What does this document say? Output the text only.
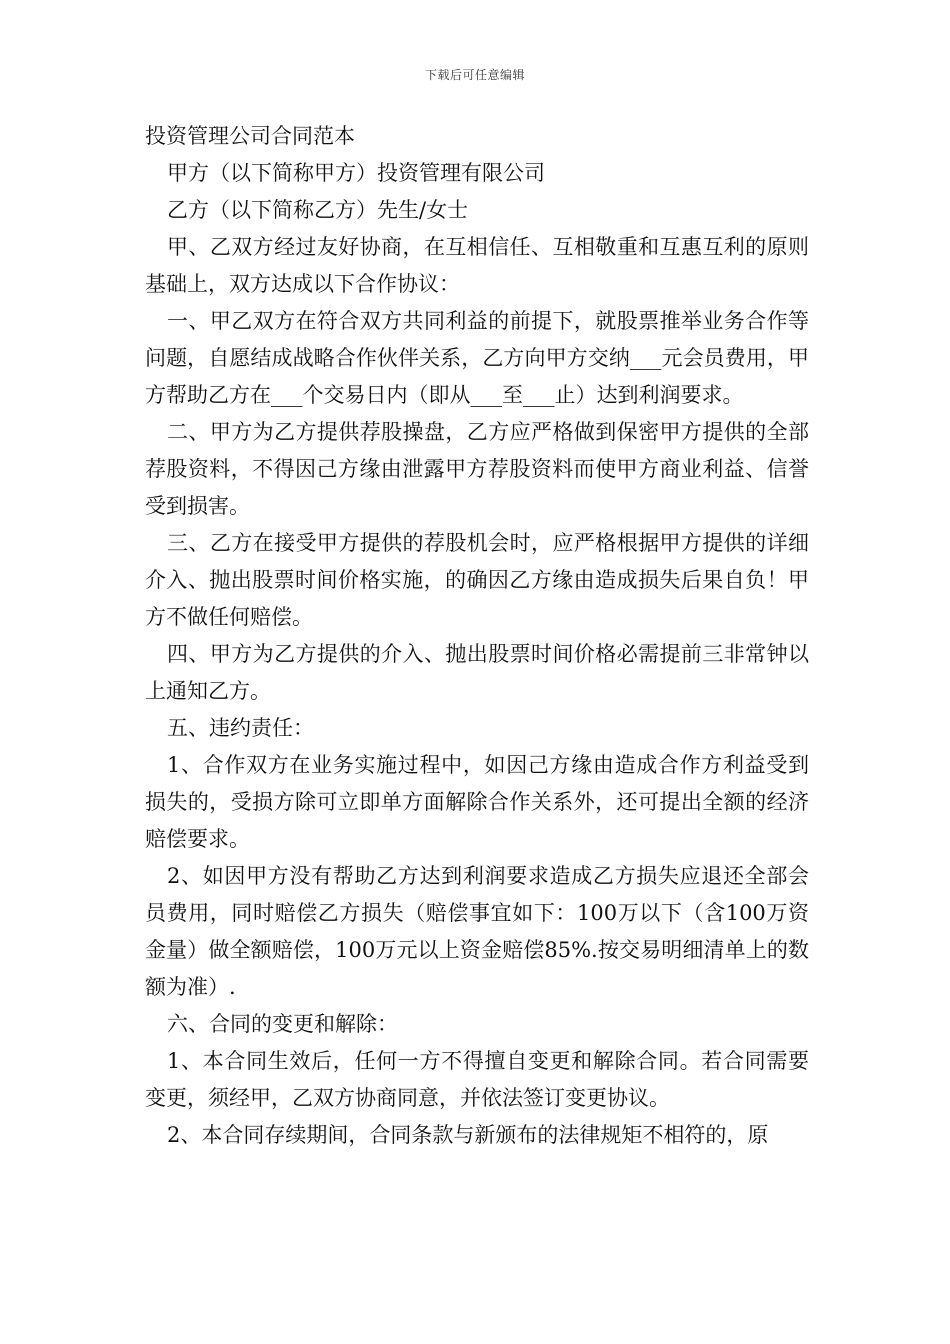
下载后可任意编辑

投资管理公司合同范本

甲方（以下简称甲方）投资管理有限公司

乙方（以下简称乙方）先生/女士

甲、乙双方经过友好协商，在互相信任、互相敬重和互惠互利的原则基础上，双方达成以下合作协议：

一、甲乙双方在符合双方共同利益的前提下，就股票推举业务合作等问题，自愿结成战略合作伙伴关系，乙方向甲方交纳___元会员费用，甲方帮助乙方在___个交易日内（即从___至___止）达到利润要求。

二、甲方为乙方提供荐股操盘，乙方应严格做到保密甲方提供的全部荐股资料，不得因己方缘由泄露甲方荐股资料而使甲方商业利益、信誉受到损害。

三、乙方在接受甲方提供的荐股机会时，应严格根据甲方提供的详细介入、抛出股票时间价格实施，的确因乙方缘由造成损失后果自负！甲方不做任何赔偿。

四、甲方为乙方提供的介入、抛出股票时间价格必需提前三非常钟以上通知乙方。

五、违约责任：

1、合作双方在业务实施过程中，如因己方缘由造成合作方利益受到损失的，受损方除可立即单方面解除合作关系外，还可提出全额的经济赔偿要求。

2、如因甲方没有帮助乙方达到利润要求造成乙方损失应退还全部会员费用，同时赔偿乙方损失（赔偿事宜如下：100万以下（含100万资金量）做全额赔偿，100万元以上资金赔偿85%.按交易明细清单上的数额为准）.

六、合同的变更和解除：

1、本合同生效后，任何一方不得擅自变更和解除合同。若合同需要变更，须经甲，乙双方协商同意，并依法签订变更协议。

2、本合同存续期间，合同条款与新颁布的法律规矩不相符的，原
